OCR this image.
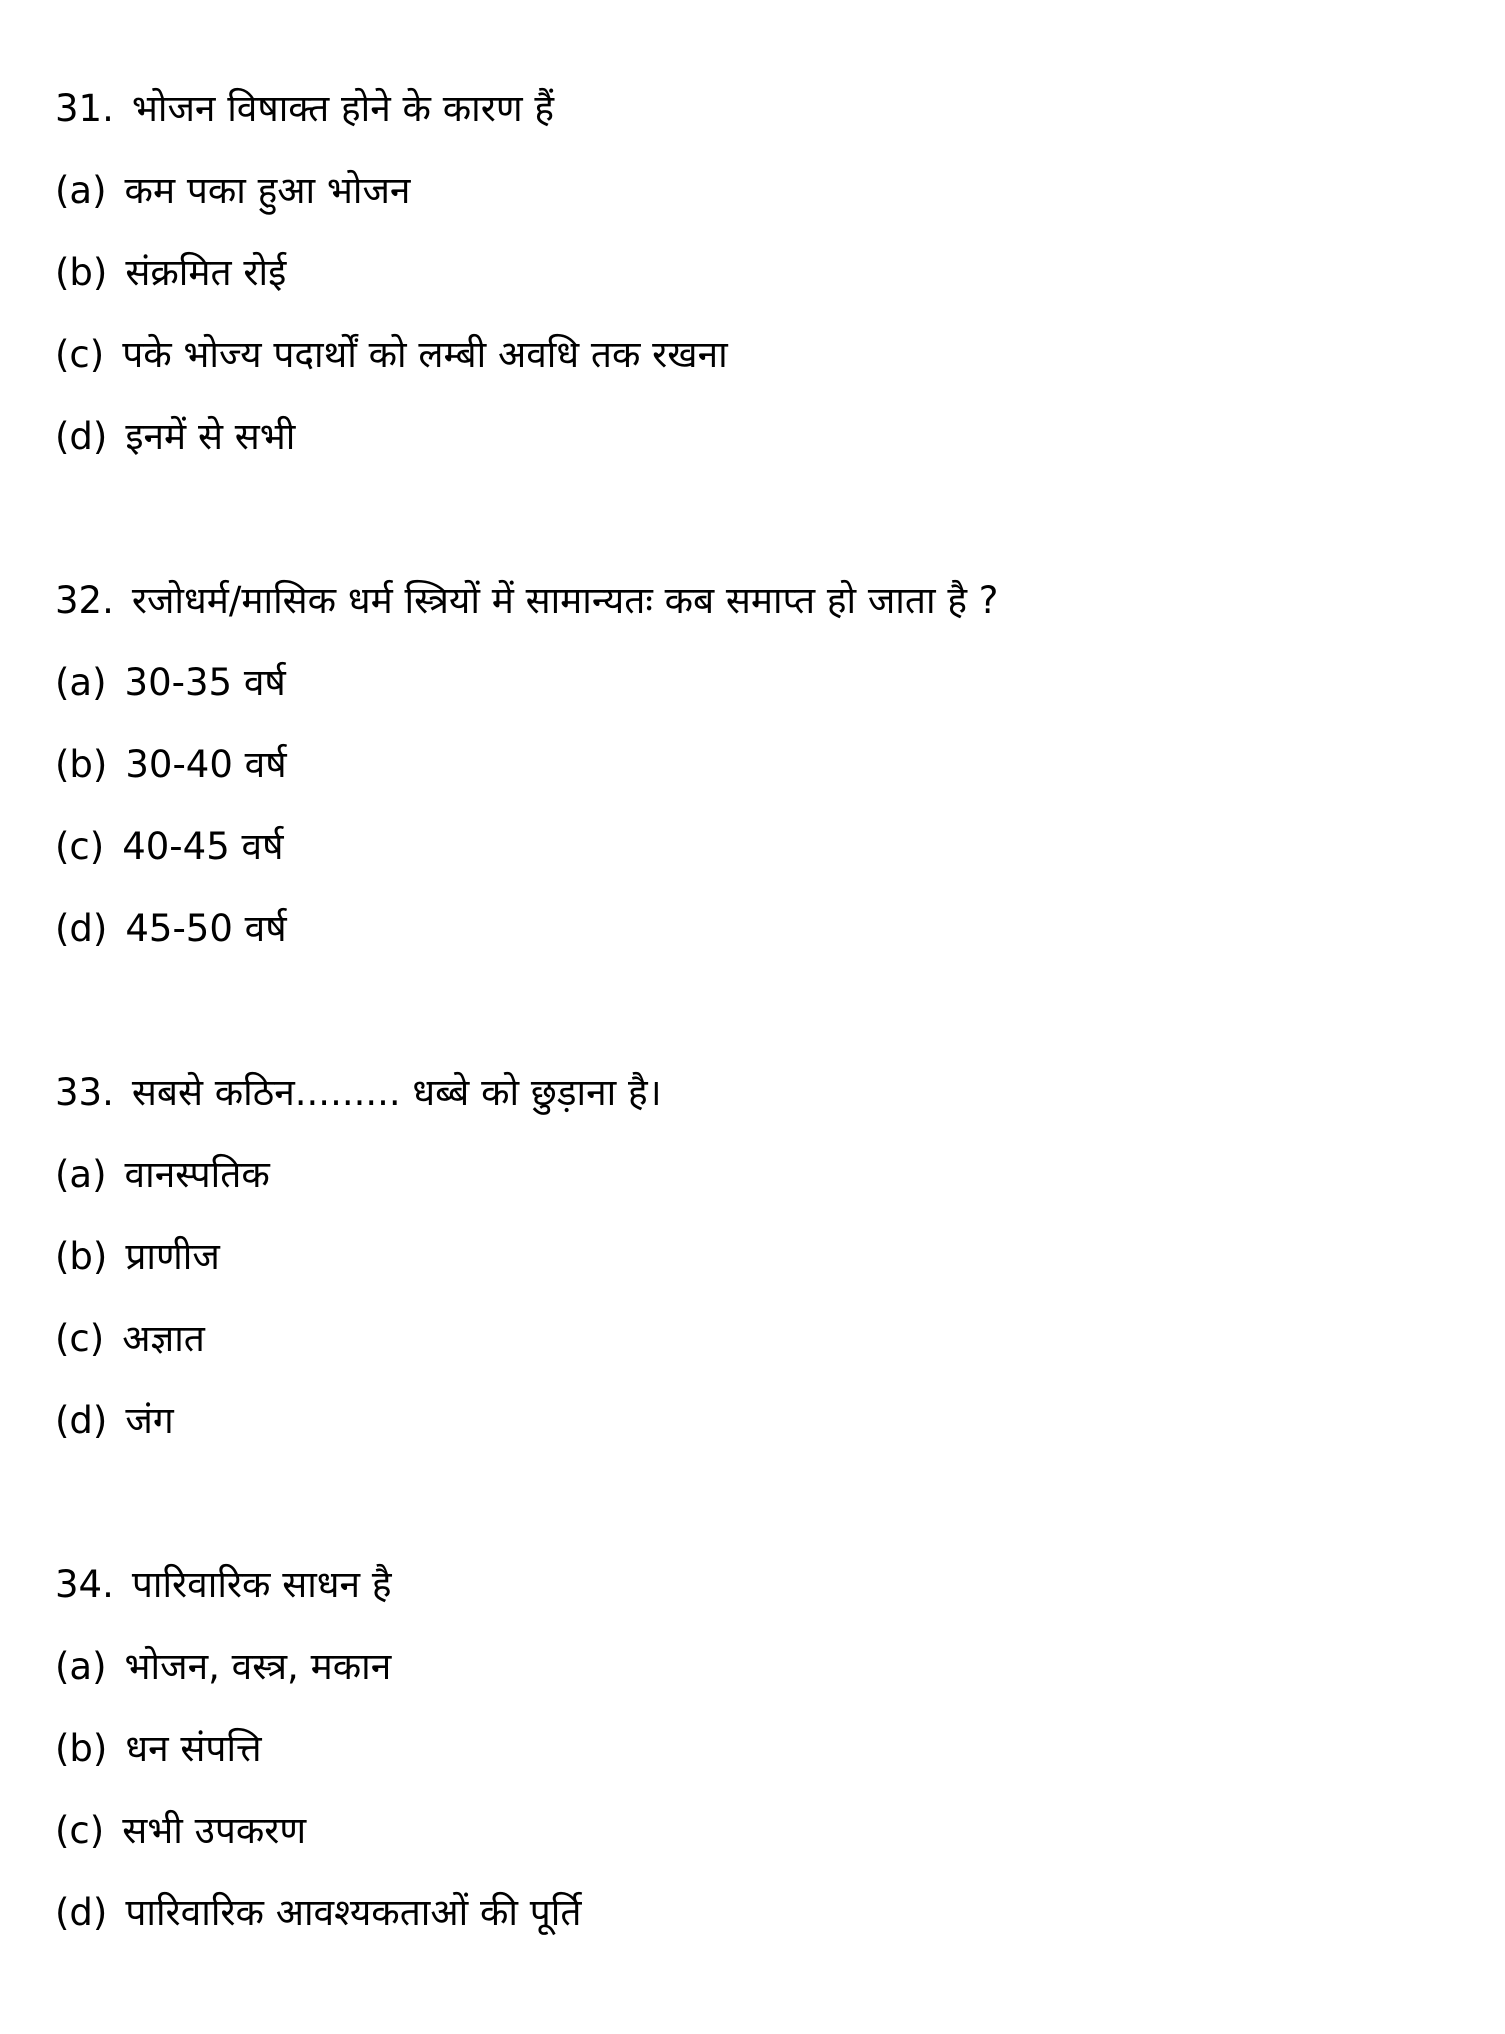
31. भोजन विषाक्त होने के कारण हैं
(a) कम पका हुआ भोजन
(b) संक्रमित रोई
(c) पके भोज्य पदार्थों को लम्बी अवधि तक रखना
(d) इनमें से सभी
32. रजोधर्म/मासिक धर्म स्त्रियों में सामान्यतः कब समाप्त हो जाता है ?
(a) 30-35 वर्ष
(b) 30-40 वर्ष
(c) 40-45 वर्ष
(d) 45-50 वर्ष
33. सबसे कठिन......... धब्बे को छुड़ाना है।
(a) वानस्पतिक
(b) प्राणीज
(c) अज्ञात
(d) जंग
34. पारिवारिक साधन है
(a) भोजन, वस्त्र, मकान
(b) धन संपत्ति
(c) सभी उपकरण
(d) पारिवारिक आवश्यकताओं की पूर्ति
